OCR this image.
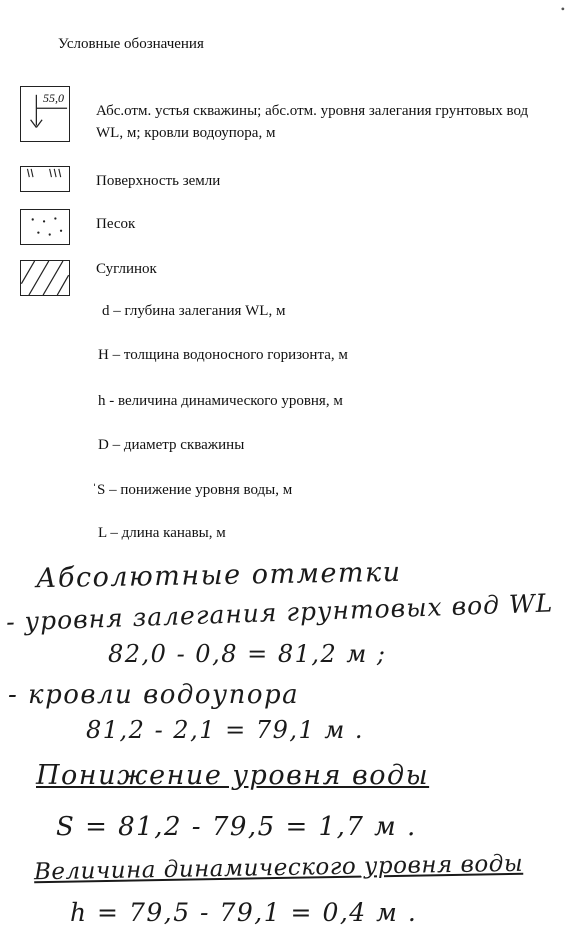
•
Условные обозначения
55,0
Абс.отм. устья скважины; абс.отм. уровня залегания грунтовых вод WL, м; кровли водоупора, м
Поверхность земли
Песок
Суглинок
d – глубина залегания WL, м
H – толщина водоносного горизонта, м
h - величина динамического уровня, м
D – диаметр скважины
ˈS – понижение уровня воды, м
L – длина канавы, м
Абсолютные отметки
- уровня залегания грунтовых вод WL
82,0 - 0,8 = 81,2 м ;
- кровли водоупора
81,2 - 2,1 = 79,1 м .
Понижение уровня воды
S = 81,2 - 79,5 = 1,7 м .
Величина динамического уровня воды
h = 79,5 - 79,1 = 0,4 м .
